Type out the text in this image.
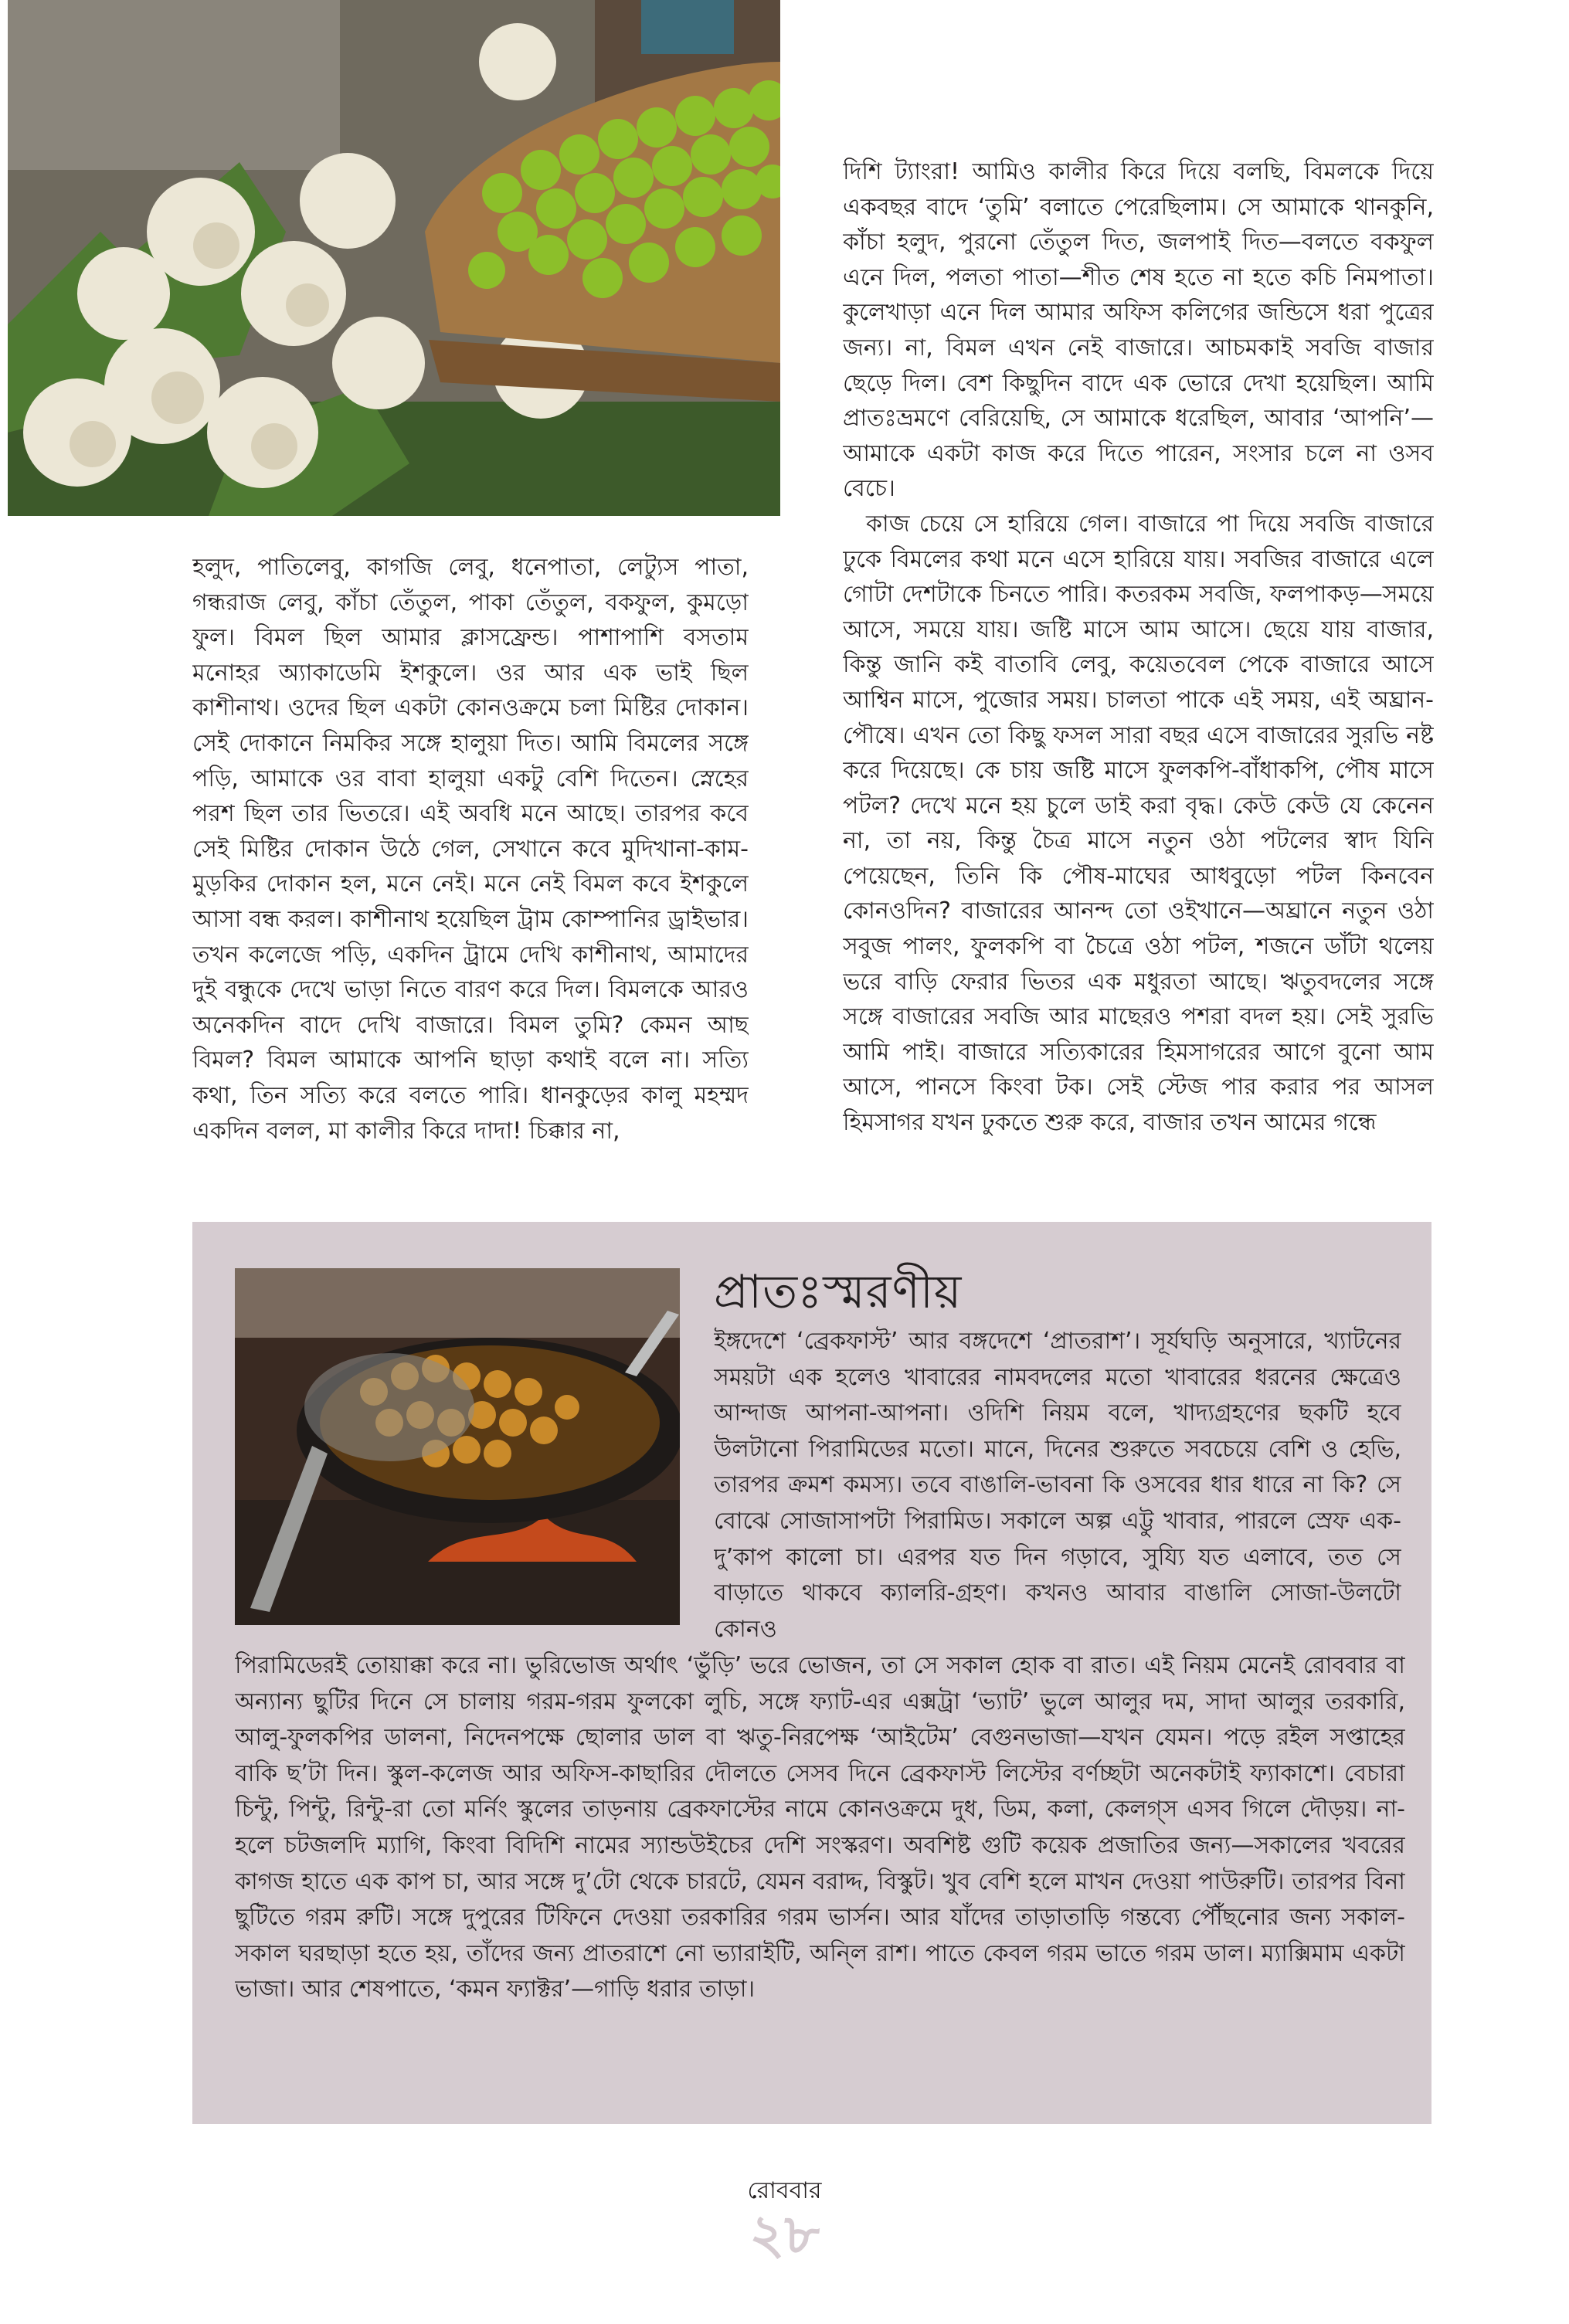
হলুদ, পাতিলেবু, কাগজি লেবু, ধনেপাতা, লেট্যুস পাতা, গন্ধরাজ লেবু, কাঁচা তেঁতুল, পাকা তেঁতুল, বকফুল, কুমড়ো ফুল। বিমল ছিল আমার ক্লাসফ্রেন্ড। পাশাপাশি বসতাম মনোহর অ্যাকাডেমি ইশকুলে। ওর আর এক ভাই ছিল কাশীনাথ। ওদের ছিল একটা কোনওক্রমে চলা মিষ্টির দোকান। সেই দোকানে নিমকির সঙ্গে হালুয়া দিত। আমি বিমলের সঙ্গে পড়ি, আমাকে ওর বাবা হালুয়া একটু বেশি দিতেন। স্নেহের পরশ ছিল তার ভিতরে। এই অবধি মনে আছে। তারপর কবে সেই মিষ্টির দোকান উঠে গেল, সেখানে কবে মুদিখানা-কাম-মুড়কির দোকান হল, মনে নেই। মনে নেই বিমল কবে ইশকুলে আসা বন্ধ করল। কাশীনাথ হয়েছিল ট্রাম কোম্পানির ড্রাইভার। তখন কলেজে পড়ি, একদিন ট্রামে দেখি কাশীনাথ, আমাদের দুই বন্ধুকে দেখে ভাড়া নিতে বারণ করে দিল। বিমলকে আরও অনেকদিন বাদে দেখি বাজারে। বিমল তুমি? কেমন আছ বিমল? বিমল আমাকে আপনি ছাড়া কথাই বলে না। সত্যি কথা, তিন সত্যি করে বলতে পারি। ধানকুড়ের কালু মহম্মদ একদিন বলল, মা কালীর কিরে দাদা! চিক্কার না,

দিশি ট্যাংরা! আমিও কালীর কিরে দিয়ে বলছি, বিমলকে দিয়ে একবছর বাদে ‘তুমি’ বলাতে পেরেছিলাম। সে আমাকে থানকুনি, কাঁচা হলুদ, পুরনো তেঁতুল দিত, জলপাই দিত—বলতে বকফুল এনে দিল, পলতা পাতা—শীত শেষ হতে না হতে কচি নিমপাতা। কুলেখাড়া এনে দিল আমার অফিস কলিগের জন্ডিসে ধরা পুত্রের জন্য। না, বিমল এখন নেই বাজারে। আচমকাই সবজি বাজার ছেড়ে দিল। বেশ কিছুদিন বাদে এক ভোরে দেখা হয়েছিল। আমি প্রাতঃভ্রমণে বেরিয়েছি, সে আমাকে ধরেছিল, আবার ‘আপনি’—আমাকে একটা কাজ করে দিতে পারেন, সংসার চলে না ওসব বেচে।
কাজ চেয়ে সে হারিয়ে গেল। বাজারে পা দিয়ে সবজি বাজারে ঢুকে বিমলের কথা মনে এসে হারিয়ে যায়। সবজির বাজারে এলে গোটা দেশটাকে চিনতে পারি। কতরকম সবজি, ফলপাকড়—সময়ে আসে, সময়ে যায়। জষ্টি মাসে আম আসে। ছেয়ে যায় বাজার, কিন্তু জানি কই বাতাবি লেবু, কয়েতবেল পেকে বাজারে আসে আশ্বিন মাসে, পুজোর সময়। চালতা পাকে এই সময়, এই অঘ্রান-পৌষে। এখন তো কিছু ফসল সারা বছর এসে বাজারের সুরভি নষ্ট করে দিয়েছে। কে চায় জষ্টি মাসে ফুলকপি-বাঁধাকপি, পৌষ মাসে পটল? দেখে মনে হয় চুলে ডাই করা বৃদ্ধ। কেউ কেউ যে কেনেন না, তা নয়, কিন্তু চৈত্র মাসে নতুন ওঠা পটলের স্বাদ যিনি পেয়েছেন, তিনি কি পৌষ-মাঘের আধবুড়ো পটল কিনবেন কোনওদিন? বাজারের আনন্দ তো ওইখানে—অঘ্রানে নতুন ওঠা সবুজ পালং, ফুলকপি বা চৈত্রে ওঠা পটল, শজনে ডাঁটা থলেয় ভরে বাড়ি ফেরার ভিতর এক মধুরতা আছে। ঋতুবদলের সঙ্গে সঙ্গে বাজারের সবজি আর মাছেরও পশরা বদল হয়। সেই সুরভি আমি পাই। বাজারে সত্যিকারের হিমসাগরের আগে বুনো আম আসে, পানসে কিংবা টক। সেই স্টেজ পার করার পর আসল হিমসাগর যখন ঢুকতে শুরু করে, বাজার তখন আমের গন্ধে
প্রাতঃস্মরণীয়

ইঙ্গদেশে ‘ব্রেকফাস্ট’ আর বঙ্গদেশে ‘প্রাতরাশ’। সূর্যঘড়ি অনুসারে, খ্যাটনের সময়টা এক হলেও খাবারের নামবদলের মতো খাবারের ধরনের ক্ষেত্রেও আন্দাজ আপনা-আপনা। ওদিশি নিয়ম বলে, খাদ্যগ্রহণের ছকটি হবে উলটানো পিরামিডের মতো। মানে, দিনের শুরুতে সবচেয়ে বেশি ও হেভি, তারপর ক্রমশ কমস্য। তবে বাঙালি-ভাবনা কি ওসবের ধার ধারে না কি? সে বোঝে সোজাসাপটা পিরামিড। সকালে অল্প এট্টু খাবার, পারলে স্রেফ এক-দু’কাপ কালো চা। এরপর যত দিন গড়াবে, সুয্যি যত এলাবে, তত সে বাড়াতে থাকবে ক্যালরি-গ্রহণ। কখনও আবার বাঙালি সোজা-উলটো কোনও

পিরামিডেরই তোয়াক্কা করে না। ভুরিভোজ অর্থাৎ ‘ভুঁড়ি’ ভরে ভোজন, তা সে সকাল হোক বা রাত। এই নিয়ম মেনেই রোববার বা অন্যান্য ছুটির দিনে সে চালায় গরম-গরম ফুলকো লুচি, সঙ্গে ফ্যাট-এর এক্সট্রা ‘ভ্যাট’ ভুলে আলুর দম, সাদা আলুর তরকারি, আলু-ফুলকপির ডালনা, নিদেনপক্ষে ছোলার ডাল বা ঋতু-নিরপেক্ষ ‘আইটেম’ বেগুনভাজা—যখন যেমন। পড়ে রইল সপ্তাহের বাকি ছ’টা দিন। স্কুল-কলেজ আর অফিস-কাছারির দৌলতে সেসব দিনে ব্রেকফাস্ট লিস্টের বর্ণচ্ছটা অনেকটাই ফ্যাকাশে। বেচারা চিন্টু, পিন্টু, রিন্টু-রা তো মর্নিং স্কুলের তাড়নায় ব্রেকফাস্টের নামে কোনওক্রমে দুধ, ডিম, কলা, কেলগ্স এসব গিলে দৌড়য়। না-হলে চটজলদি ম্যাগি, কিংবা বিদিশি নামের স্যান্ডউইচের দেশি সংস্করণ। অবশিষ্ট গুটি কয়েক প্রজাতির জন্য—সকালের খবরের কাগজ হাতে এক কাপ চা, আর সঙ্গে দু’টো থেকে চারটে, যেমন বরাদ্দ, বিস্কুট। খুব বেশি হলে মাখন দেওয়া পাউরুটি। তারপর বিনা ছুটিতে গরম রুটি। সঙ্গে দুপুরের টিফিনে দেওয়া তরকারির গরম ভার্সন। আর যাঁদের তাড়াতাড়ি গন্তব্যে পৌঁছনোর জন্য সকাল-সকাল ঘরছাড়া হতে হয়, তাঁদের জন্য প্রাতরাশে নো ভ্যারাইটি, অন্লি রাশ। পাতে কেবল গরম ভাতে গরম ডাল। ম্যাক্সিমাম একটা ভাজা। আর শেষপাতে, ‘কমন ফ্যাক্টর’—গাড়ি ধরার তাড়া।

রোববার
২৮
